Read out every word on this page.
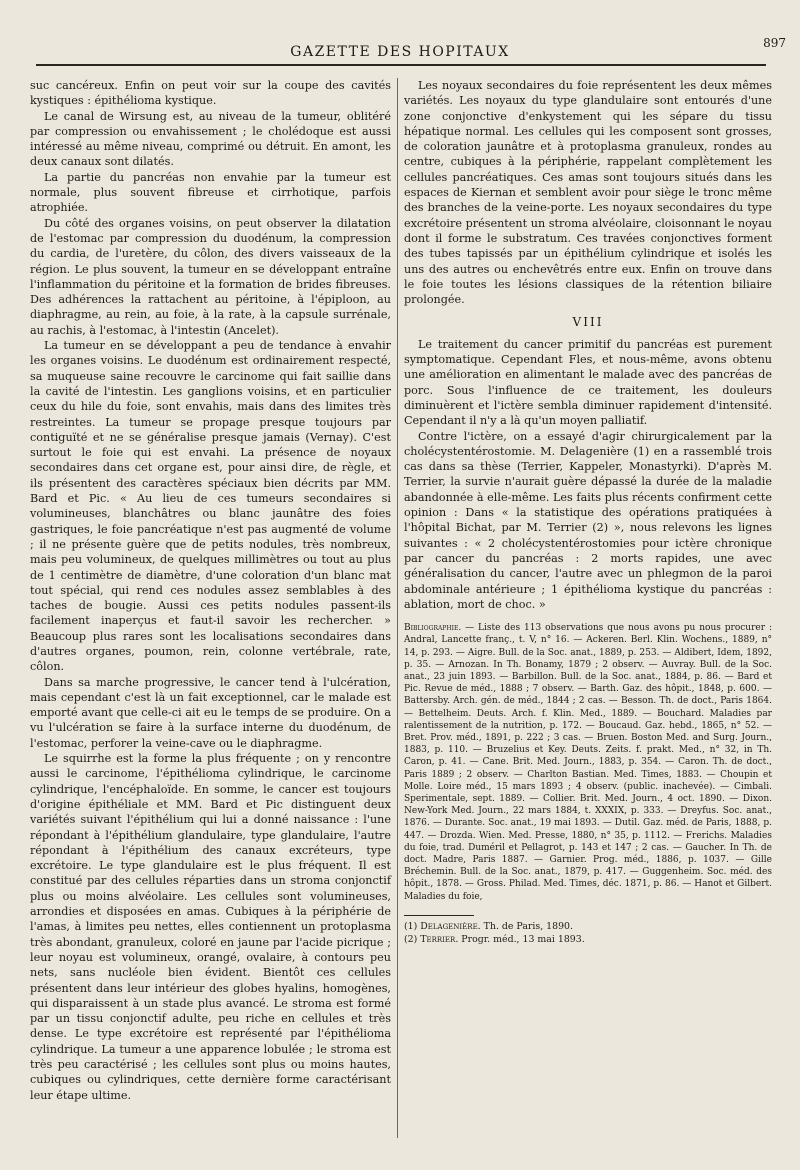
GAZETTE DES HOPITAUX
897

suc cancéreux. Enfin on peut voir sur la coupe des cavités kystiques : épithélioma kystique.

Le canal de Wirsung est, au niveau de la tumeur, oblitéré par compression ou envahissement ; le cholédoque est aussi intéressé au même niveau, comprimé ou détruit. En amont, les deux canaux sont dilatés.

La partie du pancréas non envahie par la tumeur est normale, plus souvent fibreuse et cirrhotique, parfois atrophiée.

Du côté des organes voisins, on peut observer la dilatation de l'estomac par compression du duodénum, la compression du cardia, de l'uretère, du côlon, des divers vaisseaux de la région. Le plus souvent, la tumeur en se développant entraîne l'inflammation du péritoine et la formation de brides fibreuses. Des adhérences la rattachent au péritoine, à l'épiploon, au diaphragme, au rein, au foie, à la rate, à la capsule surrénale, au rachis, à l'estomac, à l'intestin (Ancelet).

La tumeur en se développant a peu de tendance à envahir les organes voisins. Le duodénum est ordinairement respecté, sa muqueuse saine recouvre le carcinome qui fait saillie dans la cavité de l'intestin. Les ganglions voisins, et en particulier ceux du hile du foie, sont envahis, mais dans des limites très restreintes. La tumeur se propage presque toujours par contiguïté et ne se généralise presque jamais (Vernay). C'est surtout le foie qui est envahi. La présence de noyaux secondaires dans cet organe est, pour ainsi dire, de règle, et ils présentent des caractères spéciaux bien décrits par MM. Bard et Pic. « Au lieu de ces tumeurs secondaires si volumineuses, blanchâtres ou blanc jaunâtre des foies gastriques, le foie pancréatique n'est pas augmenté de volume ; il ne présente guère que de petits nodules, très nombreux, mais peu volumineux, de quelques millimètres ou tout au plus de 1 centimètre de diamètre, d'une coloration d'un blanc mat tout spécial, qui rend ces nodules assez semblables à des taches de bougie. Aussi ces petits nodules passent-ils facilement inaperçus et faut-il savoir les rechercher. » Beaucoup plus rares sont les localisations secondaires dans d'autres organes, poumon, rein, colonne vertébrale, rate, côlon.

Dans sa marche progressive, le cancer tend à l'ulcération, mais cependant c'est là un fait exceptionnel, car le malade est emporté avant que celle-ci ait eu le temps de se produire. On a vu l'ulcération se faire à la surface interne du duodénum, de l'estomac, perforer la veine-cave ou le diaphragme.

Le squirrhe est la forme la plus fréquente ; on y rencontre aussi le carcinome, l'épithélioma cylindrique, le carcinome cylindrique, l'encéphaloïde. En somme, le cancer est toujours d'origine épithéliale et MM. Bard et Pic distinguent deux variétés suivant l'épithélium qui lui a donné naissance : l'une répondant à l'épithélium glandulaire, type glandulaire, l'autre répondant à l'épithélium des canaux excréteurs, type excrétoire. Le type glandulaire est le plus fréquent. Il est constitué par des cellules réparties dans un stroma conjonctif plus ou moins alvéolaire. Les cellules sont volumineuses, arrondies et disposées en amas. Cubiques à la périphérie de l'amas, à limites peu nettes, elles contiennent un protoplasma très abondant, granuleux, coloré en jaune par l'acide picrique ; leur noyau est volumineux, orangé, ovalaire, à contours peu nets, sans nucléole bien évident. Bientôt ces cellules présentent dans leur intérieur des globes hyalins, homogènes, qui disparaissent à un stade plus avancé. Le stroma est formé par un tissu conjonctif adulte, peu riche en cellules et très dense. Le type excrétoire est représenté par l'épithélioma cylindrique. La tumeur a une apparence lobulée ; le stroma est très peu caractérisé ; les cellules sont plus ou moins hautes, cubiques ou cylindriques, cette dernière forme caractérisant leur étape ultime.

Les noyaux secondaires du foie représentent les deux mêmes variétés. Les noyaux du type glandulaire sont entourés d'une zone conjonctive d'enkystement qui les sépare du tissu hépatique normal. Les cellules qui les composent sont grosses, de coloration jaunâtre et à protoplasma granuleux, rondes au centre, cubiques à la périphérie, rappelant complètement les cellules pancréatiques. Ces amas sont toujours situés dans les espaces de Kiernan et semblent avoir pour siège le tronc même des branches de la veine-porte. Les noyaux secondaires du type excrétoire présentent un stroma alvéolaire, cloisonnant le noyau dont il forme le substratum. Ces travées conjonctives forment des tubes tapissés par un épithélium cylindrique et isolés les uns des autres ou enchevêtrés entre eux. Enfin on trouve dans le foie toutes les lésions classiques de la rétention biliaire prolongée.

VIII

Le traitement du cancer primitif du pancréas est purement symptomatique. Cependant Fles, et nous-même, avons obtenu une amélioration en alimentant le malade avec des pancréas de porc. Sous l'influence de ce traitement, les douleurs diminuèrent et l'ictère sembla diminuer rapidement d'intensité. Cependant il n'y a là qu'un moyen palliatif.

Contre l'ictère, on a essayé d'agir chirurgicalement par la cholécystentérostomie. M. Delagenière (1) en a rassemblé trois cas dans sa thèse (Terrier, Kappeler, Monastyrki). D'après M. Terrier, la survie n'aurait guère dépassé la durée de la maladie abandonnée à elle-même. Les faits plus récents confirment cette opinion : Dans « la statistique des opérations pratiquées à l'hôpital Bichat, par M. Terrier (2) », nous relevons les lignes suivantes : « 2 cholécystentérostomies pour ictère chronique par cancer du pancréas : 2 morts rapides, une avec généralisation du cancer, l'autre avec un phlegmon de la paroi abdominale antérieure ; 1 épithélioma kystique du pancréas : ablation, mort de choc. »

Bibliographie. — Liste des 113 observations que nous avons pu nous procurer : Andral, Lancette franç., t. V, n° 16. — Ackeren. Berl. Klin. Wochens., 1889, n° 14, p. 293. — Aigre. Bull. de la Soc. anat., 1889, p. 253. — Aldibert, Idem, 1892, p. 35. — Arnozan. In Th. Bonamy, 1879 ; 2 observ. — Auvray. Bull. de la Soc. anat., 23 juin 1893. — Barbillon. Bull. de la Soc. anat., 1884, p. 86. — Bard et Pic. Revue de méd., 1888 ; 7 observ. — Barth. Gaz. des hôpit., 1848, p. 600. — Battersby. Arch. gén. de méd., 1844 ; 2 cas. — Besson. Th. de doct., Paris 1864. — Bettelheim. Deuts. Arch. f. Klin. Med., 1889. — Bouchard. Maladies par ralentissement de la nutrition, p. 172. — Boucaud. Gaz. hebd., 1865, n° 52. — Bret. Prov. méd., 1891, p. 222 ; 3 cas. — Bruen. Boston Med. and Surg. Journ., 1883, p. 110. — Bruzelius et Key. Deuts. Zeits. f. prakt. Med., n° 32, in Th. Caron, p. 41. — Cane. Brit. Med. Journ., 1883, p. 354. — Caron. Th. de doct., Paris 1889 ; 2 observ. — Charlton Bastian. Med. Times, 1883. — Choupin et Molle. Loire méd., 15 mars 1893 ; 4 observ. (public. inachevée). — Cimbali. Sperimentale, sept. 1889. — Collier. Brit. Med. Journ., 4 oct. 1890. — Dixon. New-York Med. Journ., 22 mars 1884, t. XXXIX, p. 333. — Dreyfus. Soc. anat., 1876. — Durante. Soc. anat., 19 mai 1893. — Dutil. Gaz. méd. de Paris, 1888, p. 447. — Drozda. Wien. Med. Presse, 1880, n° 35, p. 1112. — Frerichs. Maladies du foie, trad. Duméril et Pellagrot, p. 143 et 147 ; 2 cas. — Gaucher. In Th. de doct. Madre, Paris 1887. — Garnier. Prog. méd., 1886, p. 1037. — Gille Bréchemin. Bull. de la Soc. anat., 1879, p. 417. — Guggenheim. Soc. méd. des hôpit., 1878. — Gross. Philad. Med. Times, déc. 1871, p. 86. — Hanot et Gilbert. Maladies du foie,
(1) Delagenière. Th. de Paris, 1890.
(2) Terrier. Progr. méd., 13 mai 1893.
